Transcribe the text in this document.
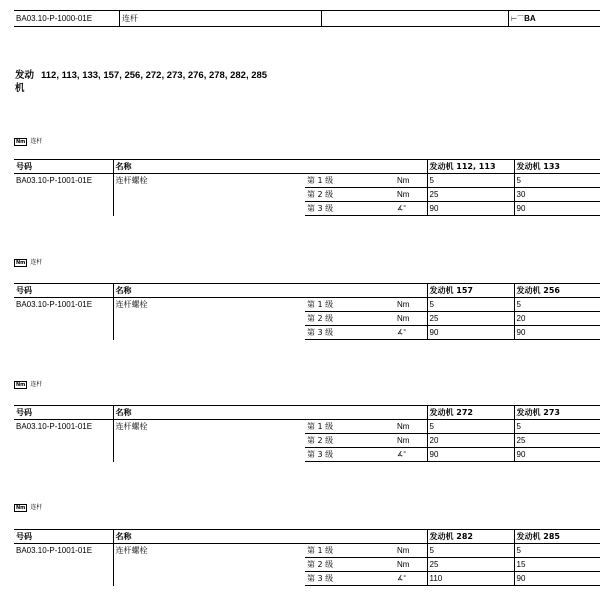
BA03.10-P-1000-01E	连杆	⊢⌒BA
发动机112, 113, 133, 157, 256, 272, 273, 276, 278, 282, 285
Nm 连杆
号码	名称			发动机 112, 113	发动机 133
BA03.10-P-1001-01E	连杆螺栓	第 1 级	Nm	5	5
		第 2 级	Nm	25	30
		第 3 级	∡°	90	90
Nm 连杆
号码	名称			发动机 157	发动机 256
BA03.10-P-1001-01E	连杆螺栓	第 1 级	Nm	5	5
		第 2 级	Nm	25	20
		第 3 级	∡°	90	90
Nm 连杆
号码	名称			发动机 272	发动机 273
BA03.10-P-1001-01E	连杆螺栓	第 1 级	Nm	5	5
		第 2 级	Nm	20	25
		第 3 级	∡°	90	90
Nm 连杆
号码	名称			发动机 282	发动机 285
BA03.10-P-1001-01E	连杆螺栓	第 1 级	Nm	5	5
		第 2 级	Nm	25	15
		第 3 级	∡°	110	90
